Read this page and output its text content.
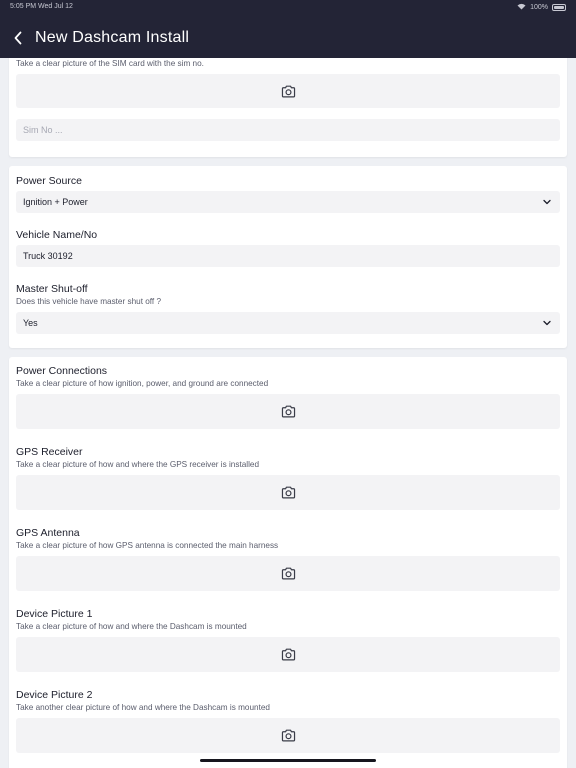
5:05 PM Wed Jul 12	100%
New Dashcam Install
Take a clear picture of the SIM card with the sim no.
Sim No ...
Power Source
Ignition + Power
Vehicle Name/No
Truck 30192
Master Shut-off
Does this vehicle have master shut off ?
Yes
Power Connections
Take a clear picture of how ignition, power, and ground are connected
GPS Receiver
Take a clear picture of how and where the GPS receiver is installed
GPS Antenna
Take a clear picture of how GPS antenna is connected the main harness
Device Picture 1
Take a clear picture of how and where the Dashcam is mounted
Device Picture 2
Take another clear picture of how and where the Dashcam is mounted
